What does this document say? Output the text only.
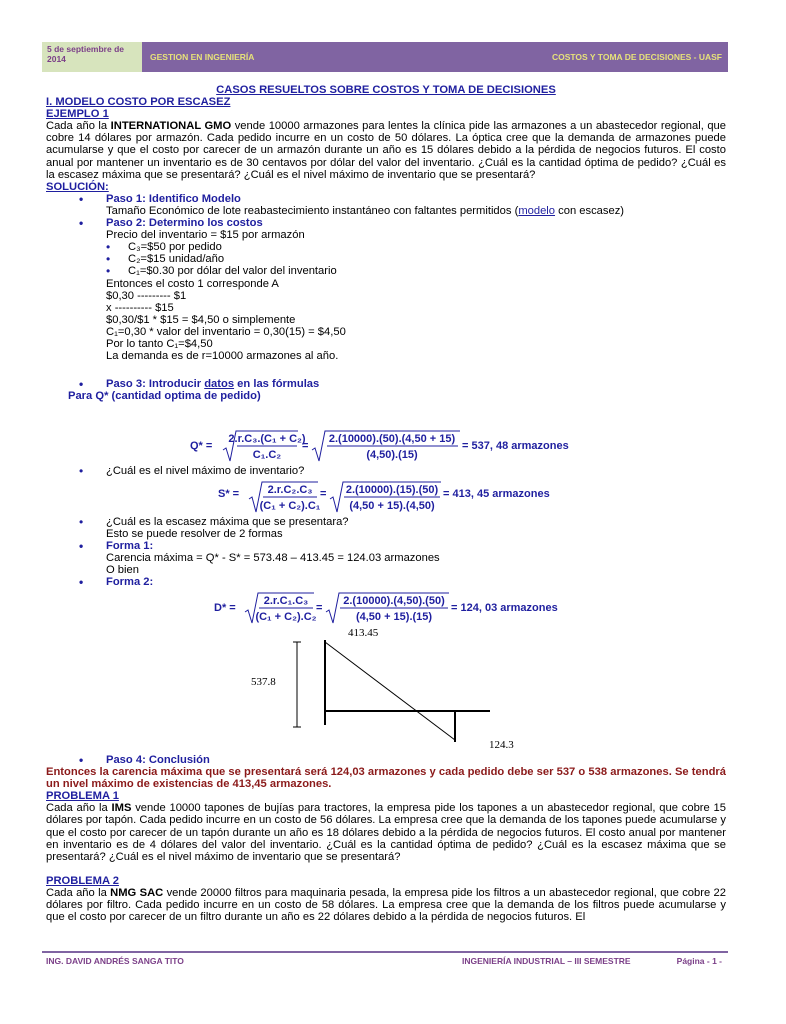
5 de septiembre de 2014	GESTION EN INGENIERÍA	COSTOS Y TOMA DE DECISIONES - UASF
CASOS RESUELTOS SOBRE COSTOS Y TOMA DE DECISIONES
I. MODELO COSTO POR ESCASEZ
EJEMPLO 1
Cada año la INTERNATIONAL GMO vende 10000 armazones para lentes la clínica pide las armazones a un abastecedor regional, que cobre 14 dólares por armazón. Cada pedido incurre en un costo de 50 dólares. La óptica cree que la demanda de armazones puede acumularse y que el costo por carecer de un armazón durante un año es 15 dólares debido a la pérdida de negocios futuros. El costo anual por mantener un inventario es de 30 centavos por dólar del valor del inventario. ¿Cuál es la cantidad óptima de pedido? ¿Cuál es la escasez máxima que se presentará? ¿Cuál es el nivel máximo de inventario que se presentará?
SOLUCIÓN:
• Paso 1: Identifico Modelo
Tamaño Económico de lote reabastecimiento instantáneo con faltantes permitidos (modelo con escasez)
• Paso 2: Determino los costos
Precio del inventario = $15 por armazón
• C₃=$50 por pedido
• C₂=$15 unidad/año
• C₁=$0.30 por dólar del valor del inventario
Entonces el costo 1 corresponde A
$0,30 --------- $1
x ---------- $15
$0,30/$1 * $15 = $4,50 o simplemente
C₁=0,30 * valor del inventario = 0,30(15) = $4,50
Por lo tanto C₁=$4,50
La demanda es de r=10000 armazones al año.
• Paso 3: Introducir datos en las fórmulas
Para Q* (cantidad optima de pedido)
Q* =
2.r.C₃.(C₁ + C₂)
C₁.C₂
=
2.(10000).(50).(4,50 + 15)
(4,50).(15)
= 537, 48 armazones
• ¿Cuál es el nivel máximo de inventario?
S* =	2.r.C₂.C₃
(C₁ + C₂).C₁
= 2.(10000).(15).(50)
(4,50 + 15).(4,50)
= 413, 45 armazones
• ¿Cuál es la escasez máxima que se presentara?
Esto se puede resolver de 2 formas
• Forma 1:
Carencia máxima = Q* - S* = 573.48 – 413.45 = 124.03 armazones
O bien
• Forma 2:
D* =
2.r.C₁.C₃
(C₁ + C₂).C₂
=
2.(10000).(4,50).(50)
(4,50 + 15).(15)
= 124, 03 armazones
413.45
537.8
124.3
• Paso 4: Conclusión
Entonces la carencia máxima que se presentará será 124,03 armazones y cada pedido debe ser 537 o 538 armazones. Se tendrá un nivel máximo de existencias de 413,45 armazones.
PROBLEMA 1
Cada año la IMS vende 10000 tapones de bujías para tractores, la empresa pide los tapones a un abastecedor regional, que cobre 15 dólares por tapón. Cada pedido incurre en un costo de 56 dólares. La empresa cree que la demanda de los tapones puede acumularse y que el costo por carecer de un tapón durante un año es 18 dólares debido a la pérdida de negocios futuros. El costo anual por mantener en inventario es de 4 dólares del valor del inventario. ¿Cuál es la cantidad óptima de pedido? ¿Cuál es la escasez máxima que se presentará? ¿Cuál es el nivel máximo de inventario que se presentará?
PROBLEMA 2
Cada año la NMG SAC vende 20000 filtros para maquinaria pesada, la empresa pide los filtros a un abastecedor regional, que cobre 22 dólares por filtro. Cada pedido incurre en un costo de 58 dólares. La empresa cree que la demanda de los filtros puede acumularse y que el costo por carecer de un filtro durante un año es 22 dólares debido a la pérdida de negocios futuros. El
ING. DAVID ANDRÉS SANGA TITO	INGENIERÍA INDUSTRIAL – III SEMESTRE	Página - 1 -
